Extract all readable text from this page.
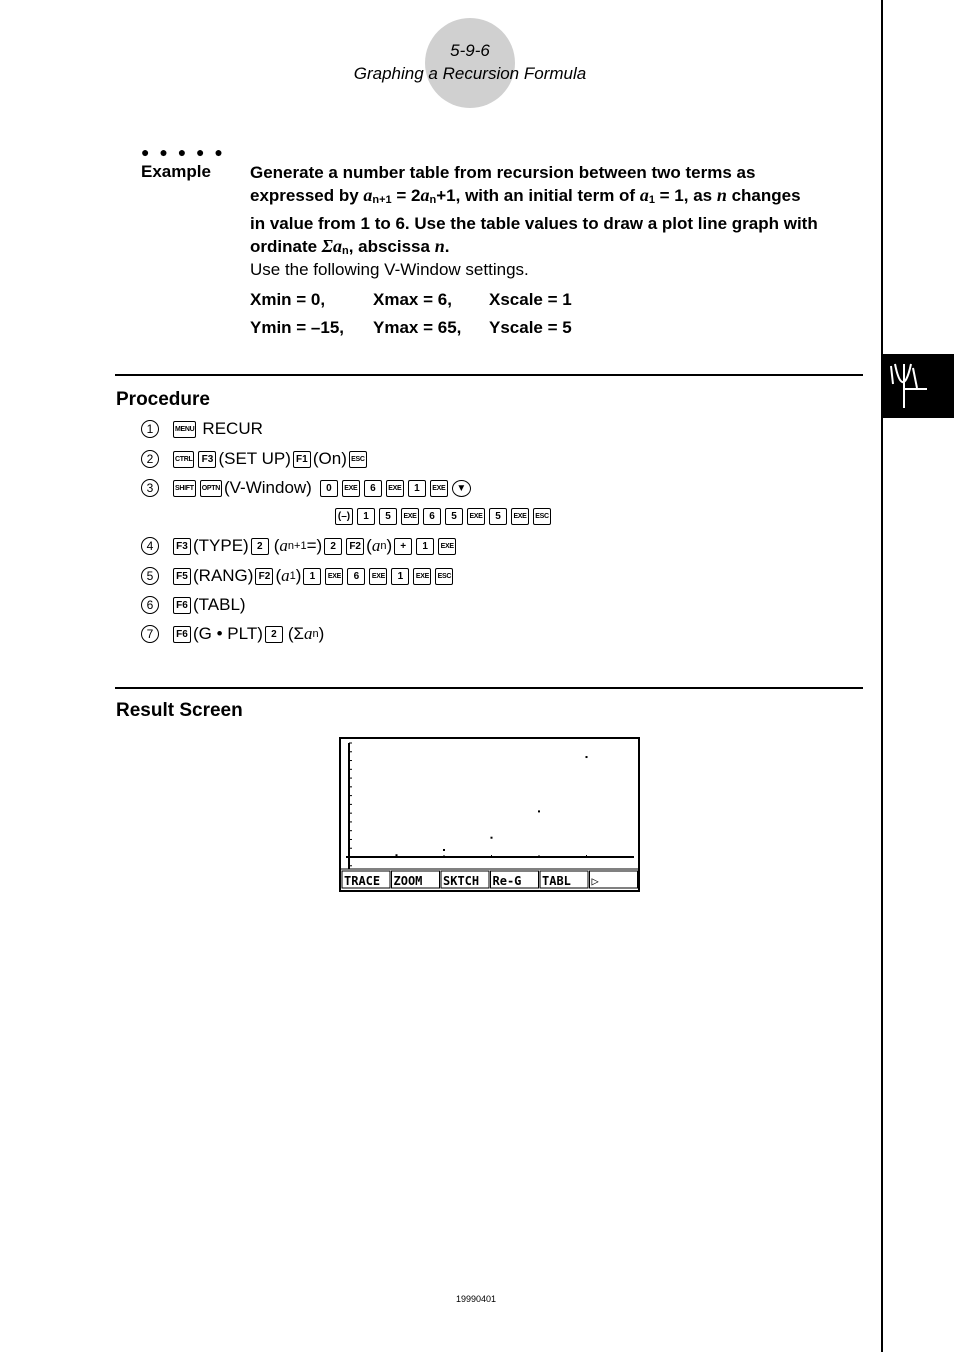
5-9-6
Graphing a Recursion Formula
● ● ● ● ●
Example Generate a number table from recursion between two terms as
expressed by $a_{n+1} = 2a_n+1$, with an initial term of $a_1 = 1$, as n changes
in value from 1 to 6. Use the table values to draw a plot line graph with
ordinate $\Sigma a_n$, abscissa n.
Use the following V-Window settings.
Xmin = 0,	Xmax = 6, Xscale = 1
Ymin = –15, Ymax = 65, Yscale = 5
Procedure
1	MENU RECUR
2	CTRL F3 (SET UP) F1 (On) ESC
3	SHIFT OPTN (V-Window)	0	EXE	6	EXE	1	EXE	▼
(–)	1	5	EXE	6	5	EXE	5	EXE	ESC
4	F3 (TYPE) 2 ( a n+1 =) 2	F2 ( a n ) +	1	EXE
5	F5 (RANG) F2 ( a 1 ) 1	EXE	6	EXE	1	EXE	ESC
6	F6 (TABL)
7	F6 (G • PLT) 2 (Σ a n )
Result Screen
TRACE ZOOM SKTCH Re-G TABL ▷
19990401
